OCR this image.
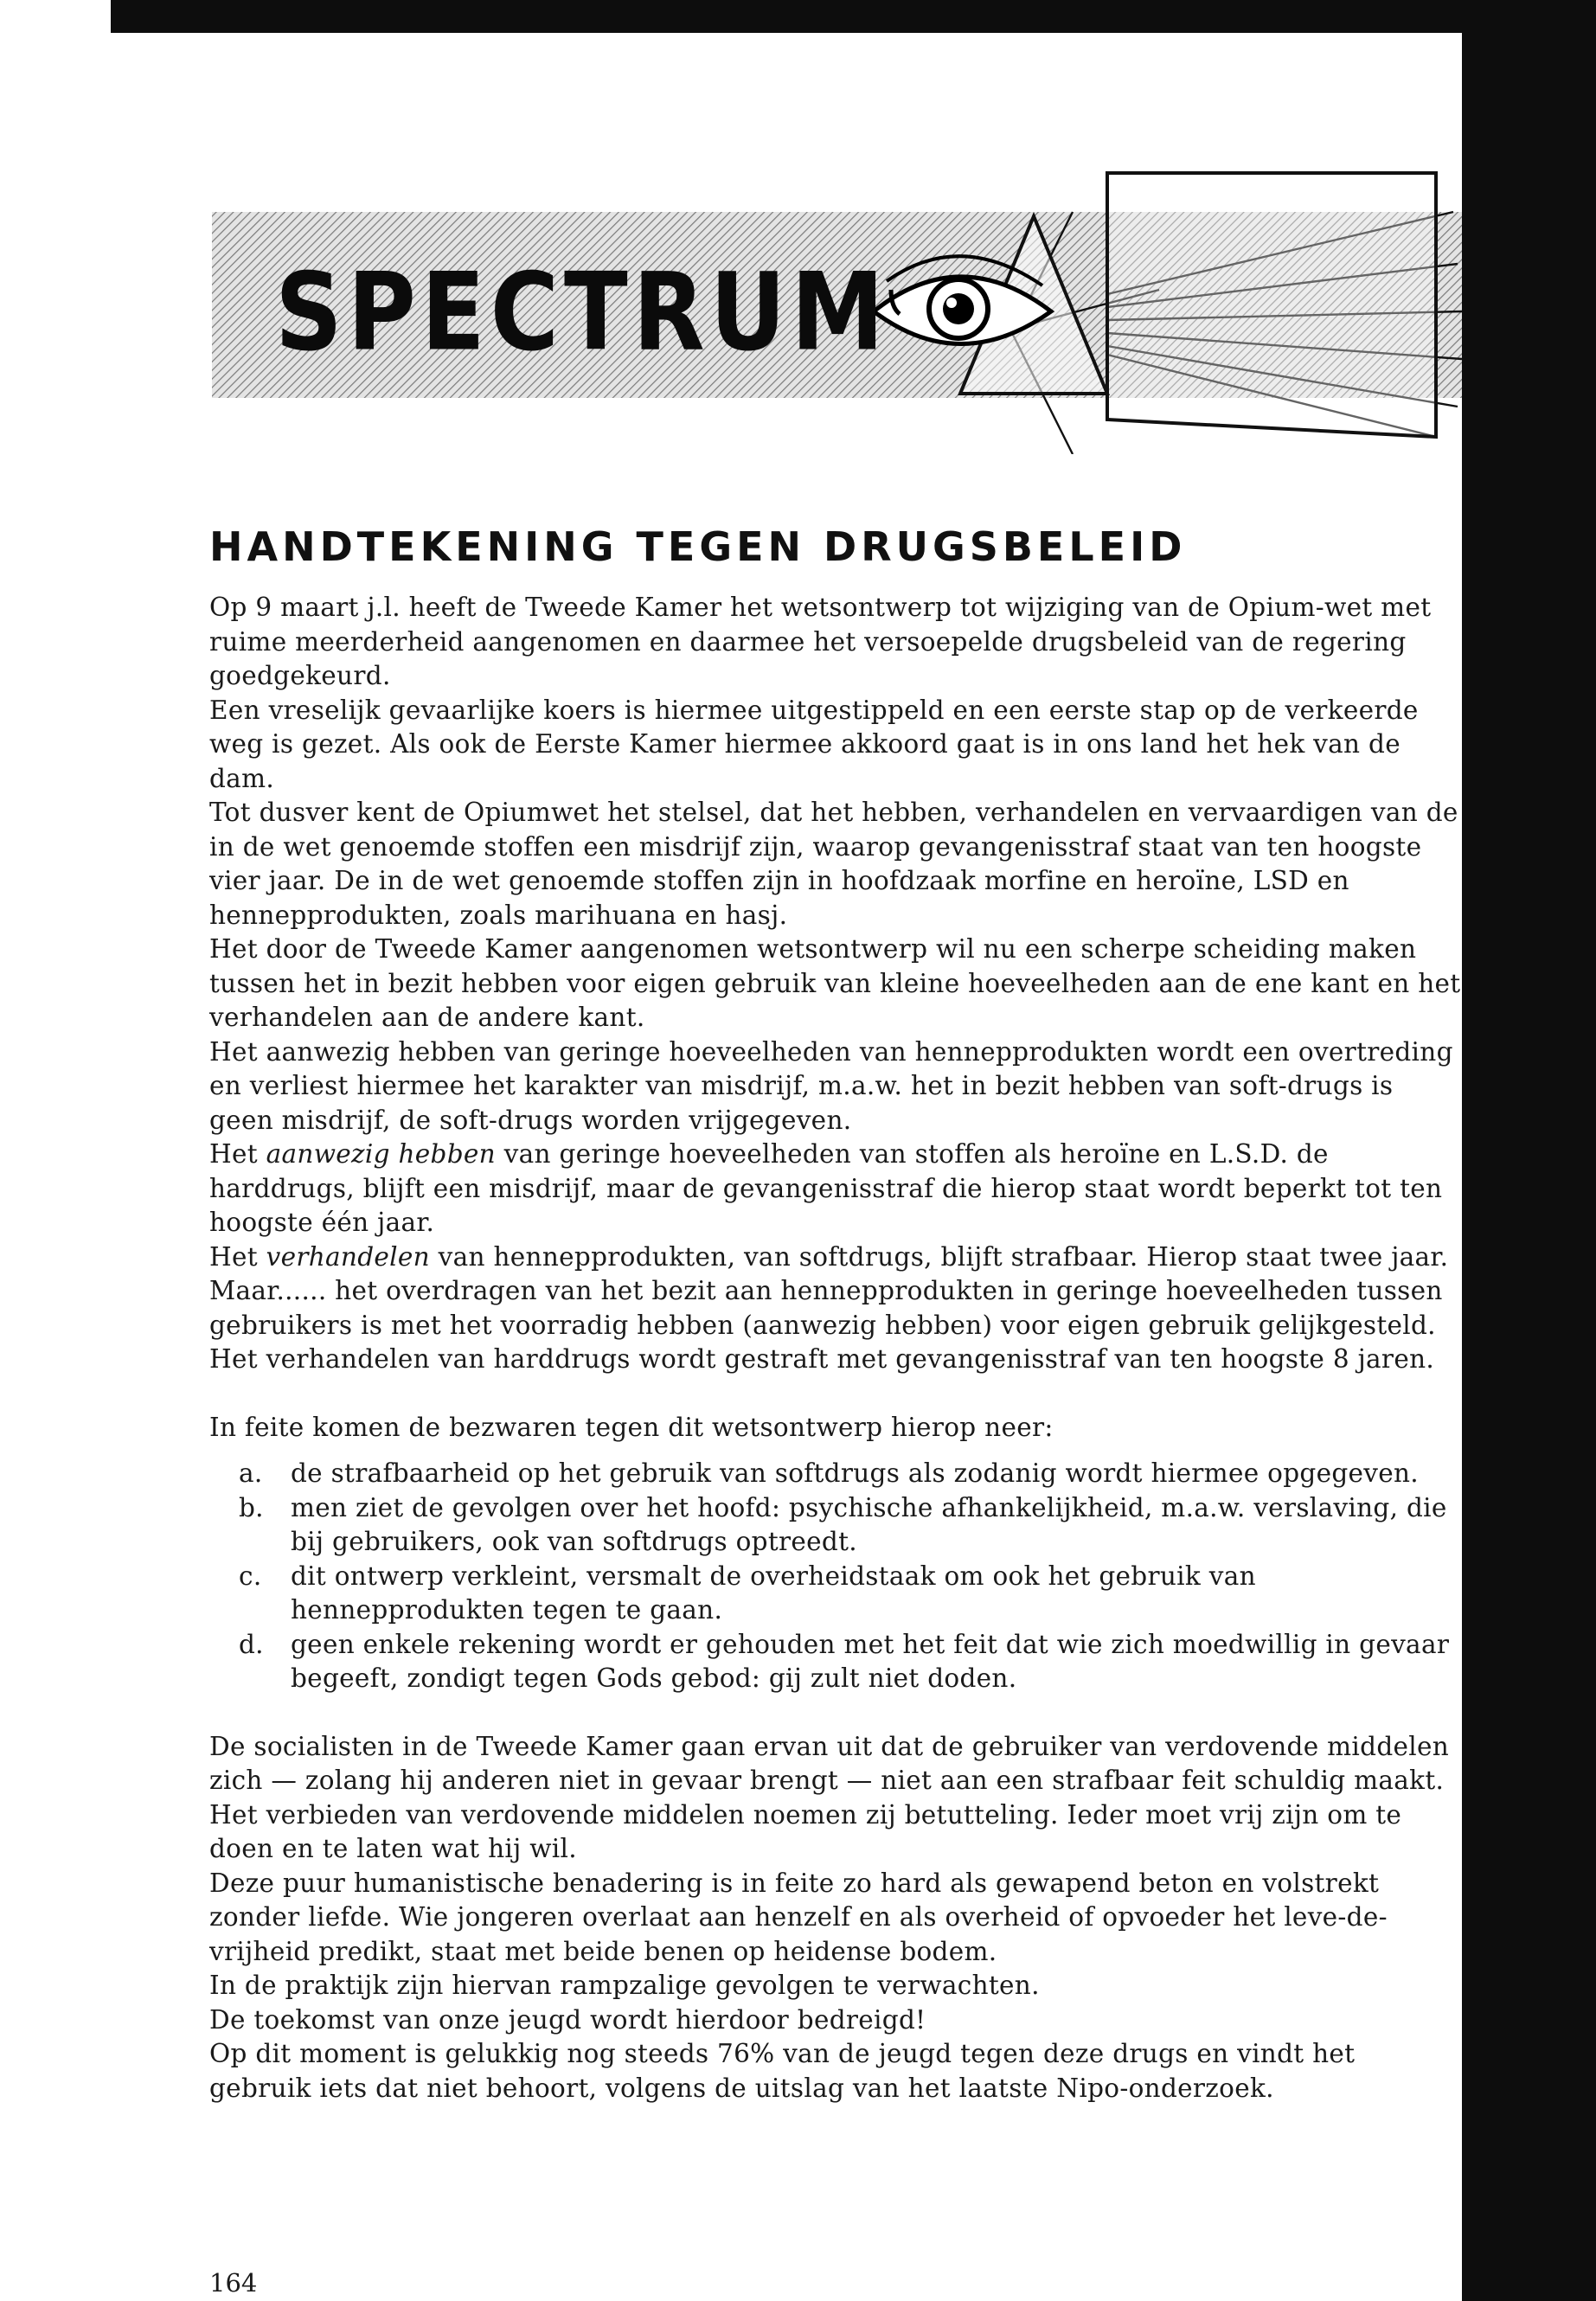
SPECTRUM
HANDTEKENING TEGEN DRUGSBELEID

Op 9 maart j.l. heeft de Tweede Kamer het wetsontwerp tot wijziging van de Opium-wet met ruime meerderheid aangenomen en daarmee het versoepelde drugsbeleid van de regering goedgekeurd.

Een vreselijk gevaarlijke koers is hiermee uitgestippeld en een eerste stap op de verkeerde weg is gezet. Als ook de Eerste Kamer hiermee akkoord gaat is in ons land het hek van de dam.

Tot dusver kent de Opiumwet het stelsel, dat het hebben, verhandelen en vervaardigen van de in de wet genoemde stoffen een misdrijf zijn, waarop gevangenisstraf staat van ten hoogste vier jaar. De in de wet genoemde stoffen zijn in hoofdzaak morfine en heroïne, LSD en hennepprodukten, zoals marihuana en hasj.

Het door de Tweede Kamer aangenomen wetsontwerp wil nu een scherpe scheiding maken tussen het in bezit hebben voor eigen gebruik van kleine hoeveelheden aan de ene kant en het verhandelen aan de andere kant.

Het aanwezig hebben van geringe hoeveelheden van hennepprodukten wordt een overtreding en verliest hiermee het karakter van misdrijf, m.a.w. het in bezit hebben van soft-drugs is geen misdrijf, de soft-drugs worden vrijgegeven.

Het aanwezig hebben van geringe hoeveelheden van stoffen als heroïne en L.S.D. de harddrugs, blijft een misdrijf, maar de gevangenisstraf die hierop staat wordt beperkt tot ten hoogste één jaar.

Het verhandelen van hennepprodukten, van softdrugs, blijft strafbaar. Hierop staat twee jaar. Maar...... het overdragen van het bezit aan hennepprodukten in geringe hoeveelheden tussen gebruikers is met het voorradig hebben (aanwezig hebben) voor eigen gebruik gelijkgesteld.

Het verhandelen van harddrugs wordt gestraft met gevangenisstraf van ten hoogste 8 jaren.

In feite komen de bezwaren tegen dit wetsontwerp hierop neer:

a. de strafbaarheid op het gebruik van softdrugs als zodanig wordt hiermee opgegeven.
b. men ziet de gevolgen over het hoofd: psychische afhankelijkheid, m.a.w. verslaving, die bij gebruikers, ook van softdrugs optreedt.
c. dit ontwerp verkleint, versmalt de overheidstaak om ook het gebruik van hennepprodukten tegen te gaan.
d. geen enkele rekening wordt er gehouden met het feit dat wie zich moedwillig in gevaar begeeft, zondigt tegen Gods gebod: gij zult niet doden.

De socialisten in de Tweede Kamer gaan ervan uit dat de gebruiker van verdovende middelen zich — zolang hij anderen niet in gevaar brengt — niet aan een strafbaar feit schuldig maakt. Het verbieden van verdovende middelen noemen zij betutteling. Ieder moet vrij zijn om te doen en te laten wat hij wil.

Deze puur humanistische benadering is in feite zo hard als gewapend beton en volstrekt zonder liefde. Wie jongeren overlaat aan henzelf en als overheid of opvoeder het leve-de-vrijheid predikt, staat met beide benen op heidense bodem.

In de praktijk zijn hiervan rampzalige gevolgen te verwachten.

De toekomst van onze jeugd wordt hierdoor bedreigd!

Op dit moment is gelukkig nog steeds 76% van de jeugd tegen deze drugs en vindt het gebruik iets dat niet behoort, volgens de uitslag van het laatste Nipo-onderzoek.

164
